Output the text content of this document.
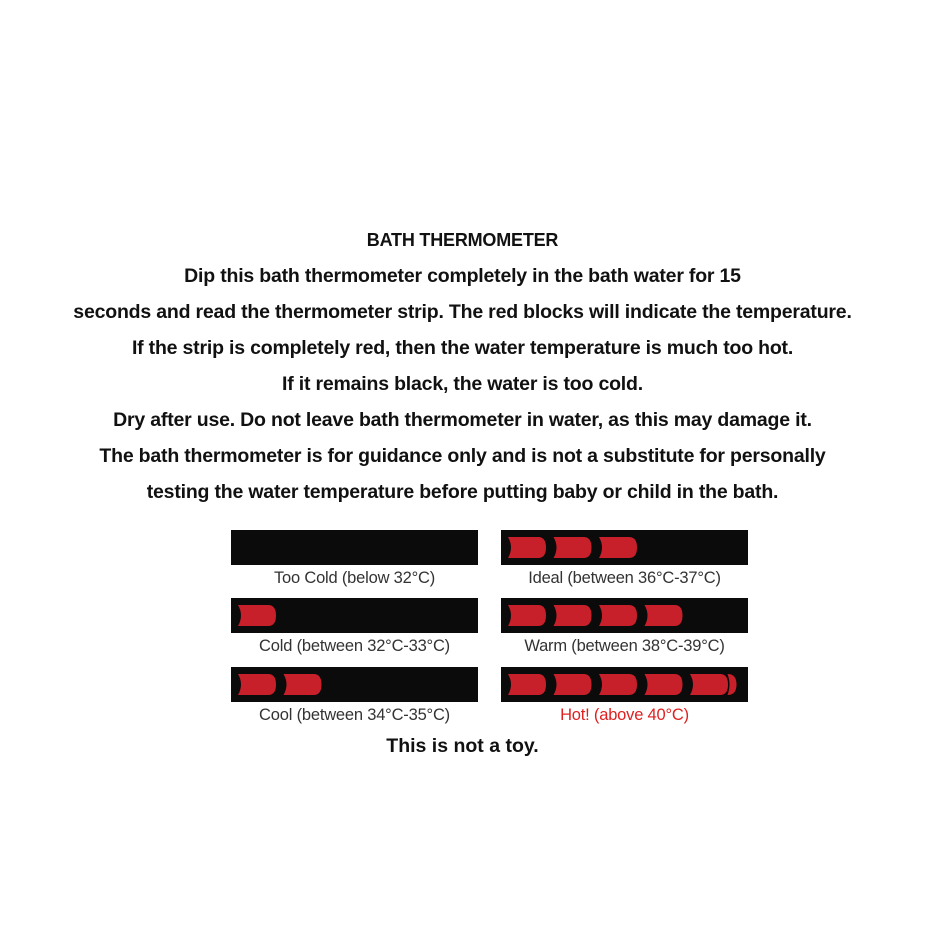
BATH THERMOMETER
Dip this bath thermometer completely in the bath water for 15
seconds and read the thermometer strip. The red blocks will indicate the temperature.
If the strip is completely red, then the water temperature is much too hot.
If it remains black, the water is too cold.
Dry after use. Do not leave bath thermometer in water, as this may damage it.
The bath thermometer is for guidance only and is not a substitute for personally
testing the water temperature before putting baby or child in the bath.
Too Cold (below 32°C)
Cold (between 32°C-33°C)
Cool (between 34°C-35°C)
Ideal (between 36°C-37°C)
Warm (between 38°C-39°C)
Hot! (above 40°C)
This is not a toy.
